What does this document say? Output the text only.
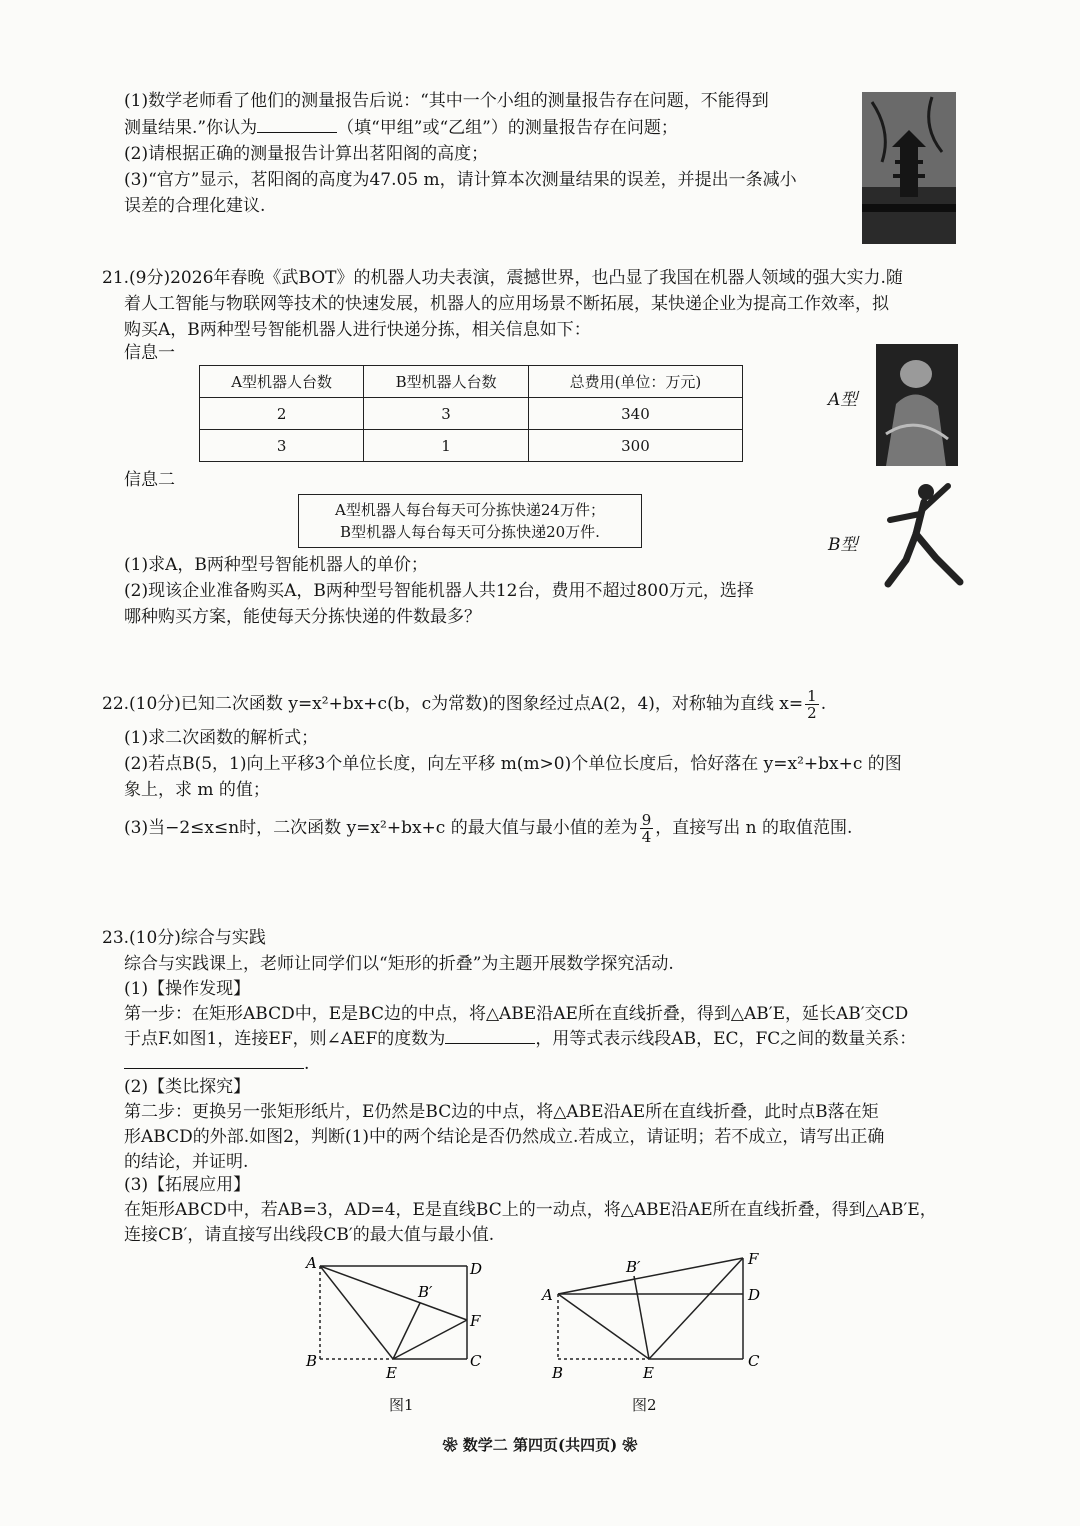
(1)数学老师看了他们的测量报告后说：“其中一个小组的测量报告存在问题，不能得到
测量结果.”你认为	（填“甲组”或“乙组”）的测量报告存在问题；
(2)请根据正确的测量报告计算出茗阳阁的高度；
(3)“官方”显示，茗阳阁的高度为47.05 m，请计算本次测量结果的误差，并提出一条减小
误差的合理化建议.
21.(9分)2026年春晚《武BOT》的机器人功夫表演，震撼世界，也凸显了我国在机器人领域的强大实力.随
着人工智能与物联网等技术的快速发展，机器人的应用场景不断拓展，某快递企业为提高工作效率，拟
购买A，B两种型号智能机器人进行快递分拣，相关信息如下：
信息一
A型机器人台数	B型机器人台数	总费用(单位：万元)
2	3	340
3	1	300
信息二
A型机器人每台每天可分拣快递24万件；
B型机器人每台每天可分拣快递20万件.
A型
B型
(1)求A，B两种型号智能机器人的单价；
(2)现该企业准备购买A，B两种型号智能机器人共12台，费用不超过800万元，选择
哪种购买方案，能使每天分拣快递的件数最多？
22.(10分)已知二次函数 y=x²+bx+c(b，c为常数)的图象经过点A(2，4)，对称轴为直线 $x= \frac{1}{2}$ .
(1)求二次函数的解析式；
(2)若点B(5，1)向上平移3个单位长度，向左平移 m(m>0)个单位长度后，恰好落在 y=x²+bx+c 的图
象上，求 m 的值；
(3)当−2≤x≤n时，二次函数 y=x²+bx+c 的最大值与最小值的差为 $\frac{9}{4}$ ，直接写出 n 的取值范围.
23.(10分)综合与实践
综合与实践课上，老师让同学们以“矩形的折叠”为主题开展数学探究活动.
(1)【操作发现】
第一步：在矩形ABCD中，E是BC边的中点，将△ABE沿AE所在直线折叠，得到△AB′E，延长AB′交CD
于点F.如图1，连接EF，则∠AEF的度数为	，用等式表示线段AB，EC，FC之间的数量关系：
.
(2)【类比探究】
第二步：更换另一张矩形纸片，E仍然是BC边的中点，将△ABE沿AE所在直线折叠，此时点B落在矩
形ABCD的外部.如图2，判断(1)中的两个结论是否仍然成立.若成立，请证明；若不成立，请写出正确
的结论，并证明.
(3)【拓展应用】
在矩形ABCD中，若AB=3，AD=4，E是直线BC上的一动点，将△ABE沿AE所在直线折叠，得到△AB′E，
连接CB′，请直接写出线段CB′的最大值与最小值.
A	D
B′
F
B	C
E
图1
A
B′	F
D
B	E
C
图2
❀ 数学二 第四页(共四页) ❀
